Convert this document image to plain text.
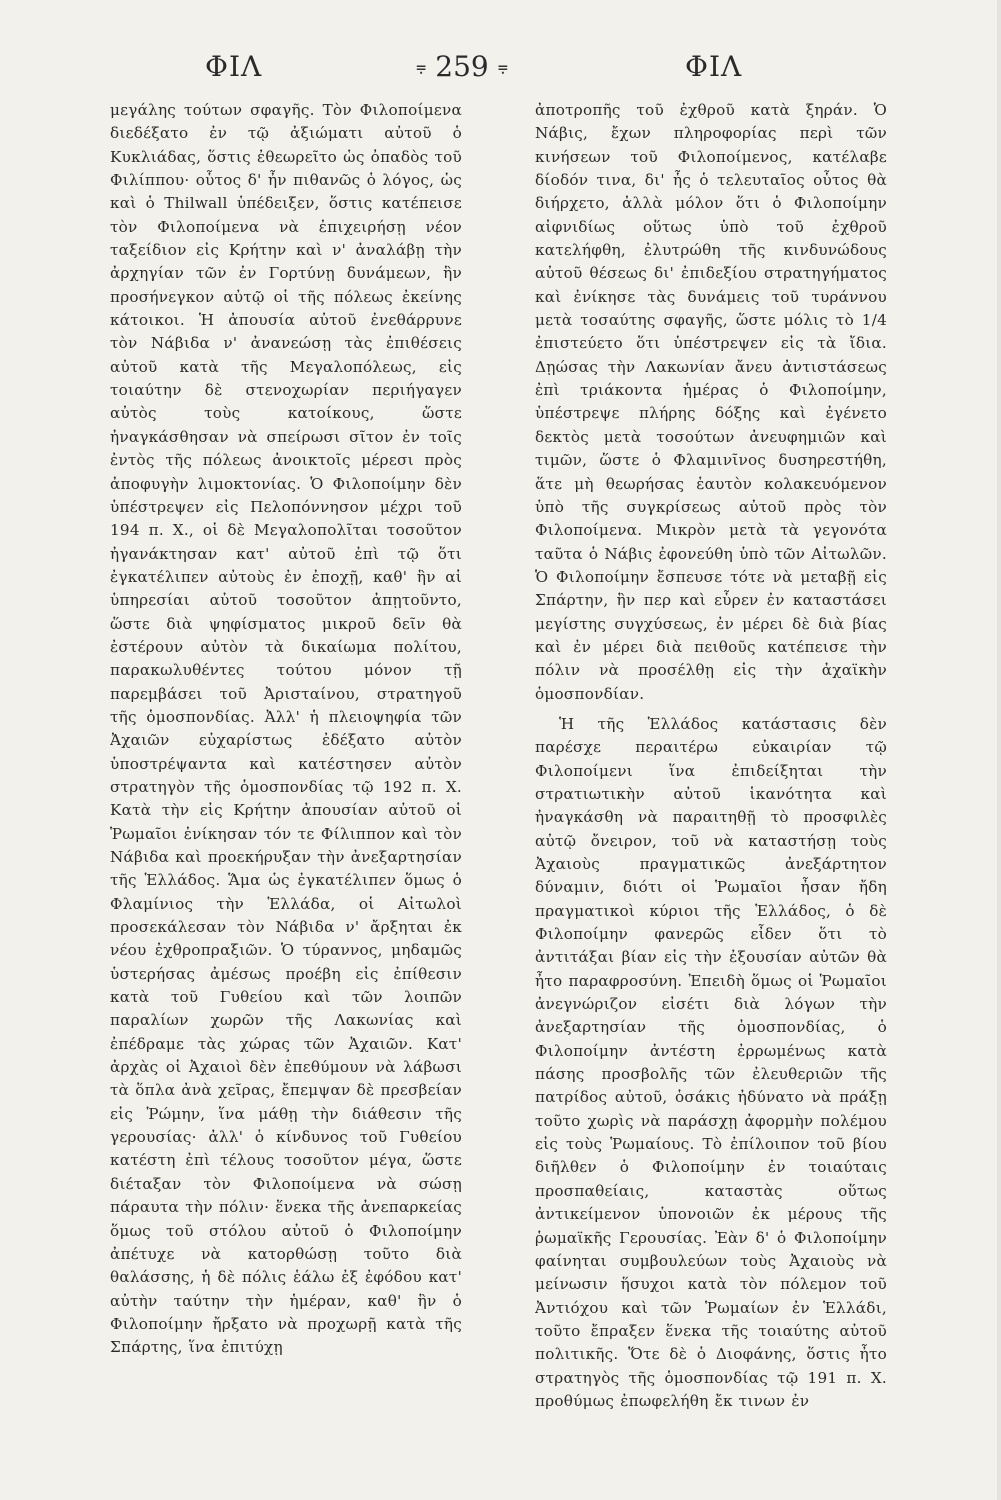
ΦΙΛ	⩦ 259 ⩦	ΦΙΛ

μεγάλης τούτων σφαγῆς. Τὸν Φιλοποίμενα διεδέξατο ἐν τῷ ἀξιώματι αὐτοῦ ὁ Κυκλιάδας, ὅστις ἐθεωρεῖτο ὡς ὀπαδὸς τοῦ Φιλίππου· οὗτος δ' ἦν πιθανῶς ὁ λόγος, ὡς καὶ ὁ Thilwall ὑπέδειξεν, ὅστις κατέπεισε τὸν Φιλοποίμενα νὰ ἐπιχειρήσῃ νέον ταξείδιον εἰς Κρήτην καὶ ν' ἀναλάβῃ τὴν ἀρχηγίαν τῶν ἐν Γορτύνῃ δυνάμεων, ἣν προσήνεγκον αὐτῷ οἱ τῆς πόλεως ἐκείνης κάτοικοι. Ἡ ἀπουσία αὐτοῦ ἐνεθάρρυνε τὸν Νάβιδα ν' ἀνανεώσῃ τὰς ἐπιθέσεις αὐτοῦ κατὰ τῆς Μεγαλοπόλεως, εἰς τοιαύτην δὲ στενοχωρίαν περιήγαγεν αὐτὸς τοὺς κατοίκους, ὥστε ἠναγκάσθησαν νὰ σπείρωσι σῖτον ἐν τοῖς ἐντὸς τῆς πόλεως ἀνοικτοῖς μέρεσι πρὸς ἀποφυγὴν λιμοκτονίας. Ὁ Φιλοποίμην δὲν ὑπέστρεψεν εἰς Πελοπόννησον μέχρι τοῦ 194 π. Χ., οἱ δὲ Μεγαλοπολῖται τοσοῦτον ἠγανάκτησαν κατ' αὐτοῦ ἐπὶ τῷ ὅτι ἐγκατέλιπεν αὐτοὺς ἐν ἐποχῇ, καθ' ἣν αἱ ὑπηρεσίαι αὐτοῦ τοσοῦτον ἀπῃτοῦντο, ὥστε διὰ ψηφίσματος μικροῦ δεῖν θὰ ἐστέρουν αὐτὸν τὰ δικαίωμα πολίτου, παρακωλυθέντες τούτου μόνον τῇ παρεμβάσει τοῦ Ἀρισταίνου, στρατηγοῦ τῆς ὁμοσπονδίας. Ἀλλ' ἡ πλειοψηφία τῶν Ἀχαιῶν εὐχαρίστως ἐδέξατο αὐτὸν ὑποστρέψαντα καὶ κατέστησεν αὐτὸν στρατηγὸν τῆς ὁμοσπονδίας τῷ 192 π. Χ. Κατὰ τὴν εἰς Κρήτην ἀπουσίαν αὐτοῦ οἱ Ῥωμαῖοι ἐνίκησαν τόν τε Φίλιππον καὶ τὸν Νάβιδα καὶ προεκήρυξαν τὴν ἀνεξαρτησίαν τῆς Ἑλλάδος. Ἅμα ὡς ἐγκατέλιπεν ὅμως ὁ Φλαμίνιος τὴν Ἑλλάδα, οἱ Αἰτωλοὶ προσεκάλεσαν τὸν Νάβιδα ν' ἄρξηται ἐκ νέου ἐχθροπραξιῶν. Ὁ τύραννος, μηδαμῶς ὑστερήσας ἀμέσως προέβη εἰς ἐπίθεσιν κατὰ τοῦ Γυθείου καὶ τῶν λοιπῶν παραλίων χωρῶν τῆς Λακωνίας καὶ ἐπέδραμε τὰς χώρας τῶν Ἀχαιῶν. Κατ' ἀρχὰς οἱ Ἀχαιοὶ δὲν ἐπεθύμουν νὰ λάβωσι τὰ ὅπλα ἀνὰ χεῖρας, ἔπεμψαν δὲ πρεσβείαν εἰς Ῥώμην, ἵνα μάθῃ τὴν διάθεσιν τῆς γερουσίας· ἀλλ' ὁ κίνδυνος τοῦ Γυθείου κατέστη ἐπὶ τέλους τοσοῦτον μέγα, ὥστε διέταξαν τὸν Φιλοποίμενα νὰ σώσῃ πάραυτα τὴν πόλιν· ἕνεκα τῆς ἀνεπαρκείας ὅμως τοῦ στόλου αὐτοῦ ὁ Φιλοποίμην ἀπέτυχε νὰ κατορθώσῃ τοῦτο διὰ θαλάσσης, ἡ δὲ πόλις ἑάλω ἐξ ἐφόδου κατ' αὐτὴν ταύτην τὴν ἡμέραν, καθ' ἣν ὁ Φιλοποίμην ἤρξατο νὰ προχωρῇ κατὰ τῆς Σπάρτης, ἵνα ἐπιτύχῃ

ἀποτροπῆς τοῦ ἐχθροῦ κατὰ ξηράν. Ὁ Νάβις, ἔχων πληροφορίας περὶ τῶν κινήσεων τοῦ Φιλοποίμενος, κατέλαβε δίοδόν τινα, δι' ἧς ὁ τελευταῖος οὗτος θὰ διήρχετο, ἀλλὰ μόλον ὅτι ὁ Φιλοποίμην αἰφνιδίως οὕτως ὑπὸ τοῦ ἐχθροῦ κατελήφθη, ἐλυτρώθη τῆς κινδυνώδους αὐτοῦ θέσεως δι' ἐπιδεξίου στρατηγήματος καὶ ἐνίκησε τὰς δυνάμεις τοῦ τυράννου μετὰ τοσαύτης σφαγῆς, ὥστε μόλις τὸ 1/4 ἐπιστεύετο ὅτι ὑπέστρεψεν εἰς τὰ ἴδια. Δῃώσας τὴν Λακωνίαν ἄνευ ἀντιστάσεως ἐπὶ τριάκοντα ἡμέρας ὁ Φιλοποίμην, ὑπέστρεψε πλήρης δόξης καὶ ἐγένετο δεκτὸς μετὰ τοσούτων ἀνευφημιῶν καὶ τιμῶν, ὥστε ὁ Φλαμινῖνος δυσηρεστήθη, ἅτε μὴ θεωρήσας ἑαυτὸν κολακευόμενον ὑπὸ τῆς συγκρίσεως αὐτοῦ πρὸς τὸν Φιλοποίμενα. Μικρὸν μετὰ τὰ γεγονότα ταῦτα ὁ Νάβις ἐφονεύθη ὑπὸ τῶν Αἰτωλῶν. Ὁ Φιλοποίμην ἔσπευσε τότε νὰ μεταβῇ εἰς Σπάρτην, ἣν περ καὶ εὗρεν ἐν καταστάσει μεγίστης συγχύσεως, ἐν μέρει δὲ διὰ βίας καὶ ἐν μέρει διὰ πειθοῦς κατέπεισε τὴν πόλιν νὰ προσέλθῃ εἰς τὴν ἀχαϊκὴν ὁμοσπονδίαν.

Ἡ τῆς Ἑλλάδος κατάστασις δὲν παρέσχε περαιτέρω εὐκαιρίαν τῷ Φιλοποίμενι ἵνα ἐπιδείξηται τὴν στρατιωτικὴν αὐτοῦ ἱκανότητα καὶ ἠναγκάσθη νὰ παραιτηθῇ τὸ προσφιλὲς αὐτῷ ὄνειρον, τοῦ νὰ καταστήσῃ τοὺς Ἀχαιοὺς πραγματικῶς ἀνεξάρτητον δύναμιν, διότι οἱ Ῥωμαῖοι ἦσαν ἤδη πραγματικοὶ κύριοι τῆς Ἑλλάδος, ὁ δὲ Φιλοποίμην φανερῶς εἶδεν ὅτι τὸ ἀντιτάξαι βίαν εἰς τὴν ἐξουσίαν αὐτῶν θὰ ἦτο παραφροσύνη. Ἐπειδὴ ὅμως οἱ Ῥωμαῖοι ἀνεγνώριζον εἰσέτι διὰ λόγων τὴν ἀνεξαρτησίαν τῆς ὁμοσπονδίας, ὁ Φιλοποίμην ἀντέστη ἐρρωμένως κατὰ πάσης προσβολῆς τῶν ἐλευθεριῶν τῆς πατρίδος αὐτοῦ, ὁσάκις ἠδύνατο νὰ πράξῃ τοῦτο χωρὶς νὰ παράσχῃ ἀφορμὴν πολέμου εἰς τοὺς Ῥωμαίους. Τὸ ἐπίλοιπον τοῦ βίου διῆλθεν ὁ Φιλοποίμην ἐν τοιαύταις προσπαθείαις, καταστὰς οὕτως ἀντικείμενον ὑπονοιῶν ἐκ μέρους τῆς ῥωμαϊκῆς Γερουσίας. Ἐὰν δ' ὁ Φιλοποίμην φαίνηται συμβουλεύων τοὺς Ἀχαιοὺς νὰ μείνωσιν ἥσυχοι κατὰ τὸν πόλεμον τοῦ Ἀντιόχου καὶ τῶν Ῥωμαίων ἐν Ἑλλάδι, τοῦτο ἔπραξεν ἕνεκα τῆς τοιαύτης αὐτοῦ πολιτικῆς. Ὅτε δὲ ὁ Διοφάνης, ὅστις ἦτο στρατηγὸς τῆς ὁμοσπονδίας τῷ 191 π. Χ. προθύμως ἐπωφελήθη ἔκ τινων ἐν
